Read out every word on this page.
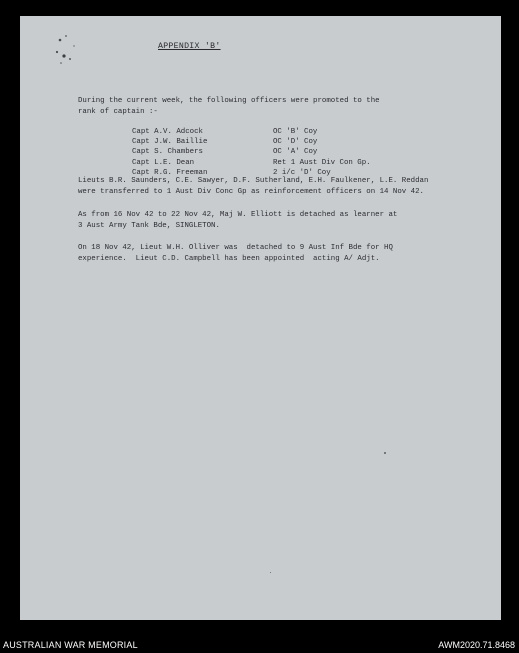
APPENDIX 'B'
During the current week, the following officers were promoted to the
rank of captain :-

Capt A.V. Adcock

	OC 'B' Coy

Capt J.W. Baillie

	OC 'D' Coy

Capt S. Chambers

	OC 'A' Coy

Capt L.E. Dean

	Ret 1 Aust Div Con Gp.

Capt R.G. Freeman

	2 i/c 'D' Coy

Lieuts B.R. Saunders, C.E. Sawyer, D.F. Sutherland, E.H. Faulkener, L.E. Reddan
were transferred to 1 Aust Div Conc Gp as reinforcement officers on 14 Nov 42.
As from 16 Nov 42 to 22 Nov 42, Maj W. Elliott is detached as learner at
3 Aust Army Tank Bde, SINGLETON.
On 18 Nov 42, Lieut W.H. Olliver was  detached to 9 Aust Inf Bde for HQ
experience.  Lieut C.D. Campbell has been appointed  acting A/ Adjt.
AUSTRALIAN WAR MEMORIAL	AWM2020.71.8468
